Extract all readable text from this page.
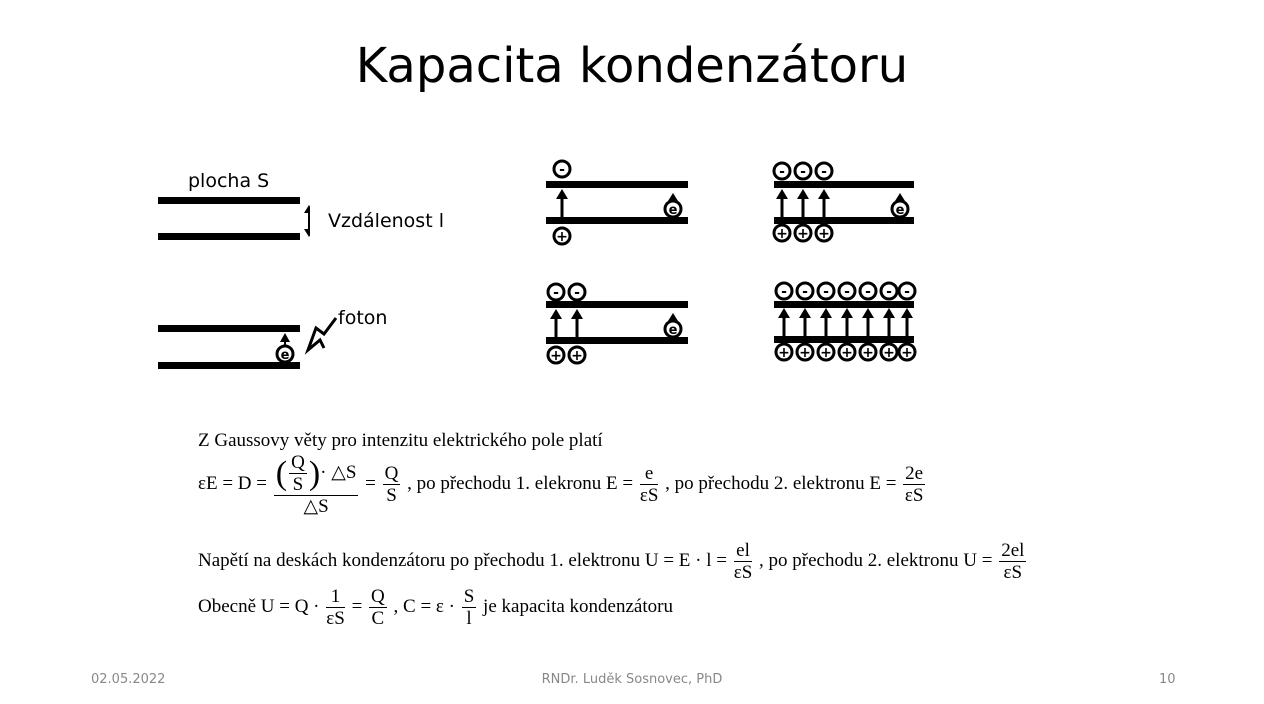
Kapacita kondenzátoru
plocha S
Vzdálenost l
e
foton
-
+
e
- -
+ +
e
- - -
+ + +
e
- - - - - - -
+ + + + + + +
Z Gaussovy věty pro intenzitu elektrického pole platí
$\varepsilon E = D = \frac{( \frac{Q}{S} )\cdot \triangle S}{\triangle S} = \frac{Q}{S}$ , po přechodu 1. elekronu $E = \frac{e}{\varepsilon S}$ , po přechodu 2. elektronu $E = \frac{2e}{\varepsilon S}$
Napětí na deskách kondenzátoru po přechodu 1. elektronu $U = E \cdot l = \frac{el}{\varepsilon S}$ , po přechodu 2. elektronu $U = \frac{2el}{\varepsilon S}$
Obecně $U = Q \cdot \frac{1}{\varepsilon S} = \frac{Q}{C}$ , $C = \varepsilon \cdot \frac{S}{l}$ je kapacita kondenzátoru
02.05.2022	RNDr. Luděk Sosnovec, PhD	10
